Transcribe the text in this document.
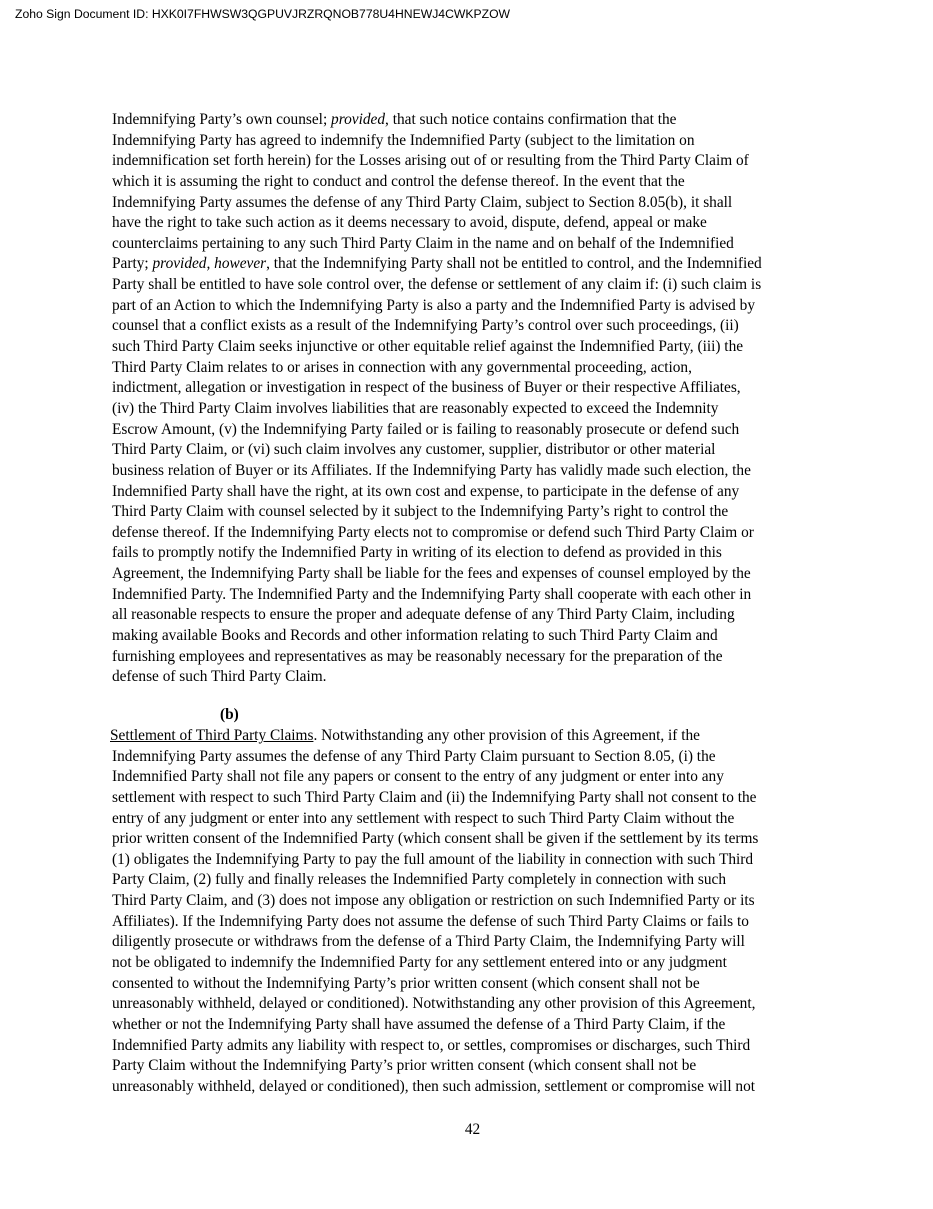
Zoho Sign Document ID: HXK0I7FHWSW3QGPUVJRZRQNOB778U4HNEWJ4CWKPZOW
Indemnifying Party’s own counsel; provided, that such notice contains confirmation that the
Indemnifying Party has agreed to indemnify the Indemnified Party (subject to the limitation on
indemnification set forth herein) for the Losses arising out of or resulting from the Third Party Claim of
which it is assuming the right to conduct and control the defense thereof. In the event that the
Indemnifying Party assumes the defense of any Third Party Claim, subject to Section 8.05(b), it shall
have the right to take such action as it deems necessary to avoid, dispute, defend, appeal or make
counterclaims pertaining to any such Third Party Claim in the name and on behalf of the Indemnified
Party; provided, however, that the Indemnifying Party shall not be entitled to control, and the Indemnified
Party shall be entitled to have sole control over, the defense or settlement of any claim if: (i) such claim is
part of an Action to which the Indemnifying Party is also a party and the Indemnified Party is advised by
counsel that a conflict exists as a result of the Indemnifying Party’s control over such proceedings, (ii)
such Third Party Claim seeks injunctive or other equitable relief against the Indemnified Party, (iii) the
Third Party Claim relates to or arises in connection with any governmental proceeding, action,
indictment, allegation or investigation in respect of the business of Buyer or their respective Affiliates,
(iv) the Third Party Claim involves liabilities that are reasonably expected to exceed the Indemnity
Escrow Amount, (v) the Indemnifying Party failed or is failing to reasonably prosecute or defend such
Third Party Claim, or (vi) such claim involves any customer, supplier, distributor or other material
business relation of Buyer or its Affiliates. If the Indemnifying Party has validly made such election, the
Indemnified Party shall have the right, at its own cost and expense, to participate in the defense of any
Third Party Claim with counsel selected by it subject to the Indemnifying Party’s right to control the
defense thereof. If the Indemnifying Party elects not to compromise or defend such Third Party Claim or
fails to promptly notify the Indemnified Party in writing of its election to defend as provided in this
Agreement, the Indemnifying Party shall be liable for the fees and expenses of counsel employed by the
Indemnified Party. The Indemnified Party and the Indemnifying Party shall cooperate with each other in
all reasonable respects to ensure the proper and adequate defense of any Third Party Claim, including
making available Books and Records and other information relating to such Third Party Claim and
furnishing employees and representatives as may be reasonably necessary for the preparation of the
defense of such Third Party Claim.
(b)
Settlement of Third Party Claims. Notwithstanding any other provision of this Agreement, if the
Indemnifying Party assumes the defense of any Third Party Claim pursuant to Section 8.05, (i) the
Indemnified Party shall not file any papers or consent to the entry of any judgment or enter into any
settlement with respect to such Third Party Claim and (ii) the Indemnifying Party shall not consent to the
entry of any judgment or enter into any settlement with respect to such Third Party Claim without the
prior written consent of the Indemnified Party (which consent shall be given if the settlement by its terms
(1) obligates the Indemnifying Party to pay the full amount of the liability in connection with such Third
Party Claim, (2) fully and finally releases the Indemnified Party completely in connection with such
Third Party Claim, and (3) does not impose any obligation or restriction on such Indemnified Party or its
Affiliates). If the Indemnifying Party does not assume the defense of such Third Party Claims or fails to
diligently prosecute or withdraws from the defense of a Third Party Claim, the Indemnifying Party will
not be obligated to indemnify the Indemnified Party for any settlement entered into or any judgment
consented to without the Indemnifying Party’s prior written consent (which consent shall not be
unreasonably withheld, delayed or conditioned). Notwithstanding any other provision of this Agreement,
whether or not the Indemnifying Party shall have assumed the defense of a Third Party Claim, if the
Indemnified Party admits any liability with respect to, or settles, compromises or discharges, such Third
Party Claim without the Indemnifying Party’s prior written consent (which consent shall not be
unreasonably withheld, delayed or conditioned), then such admission, settlement or compromise will not
42
